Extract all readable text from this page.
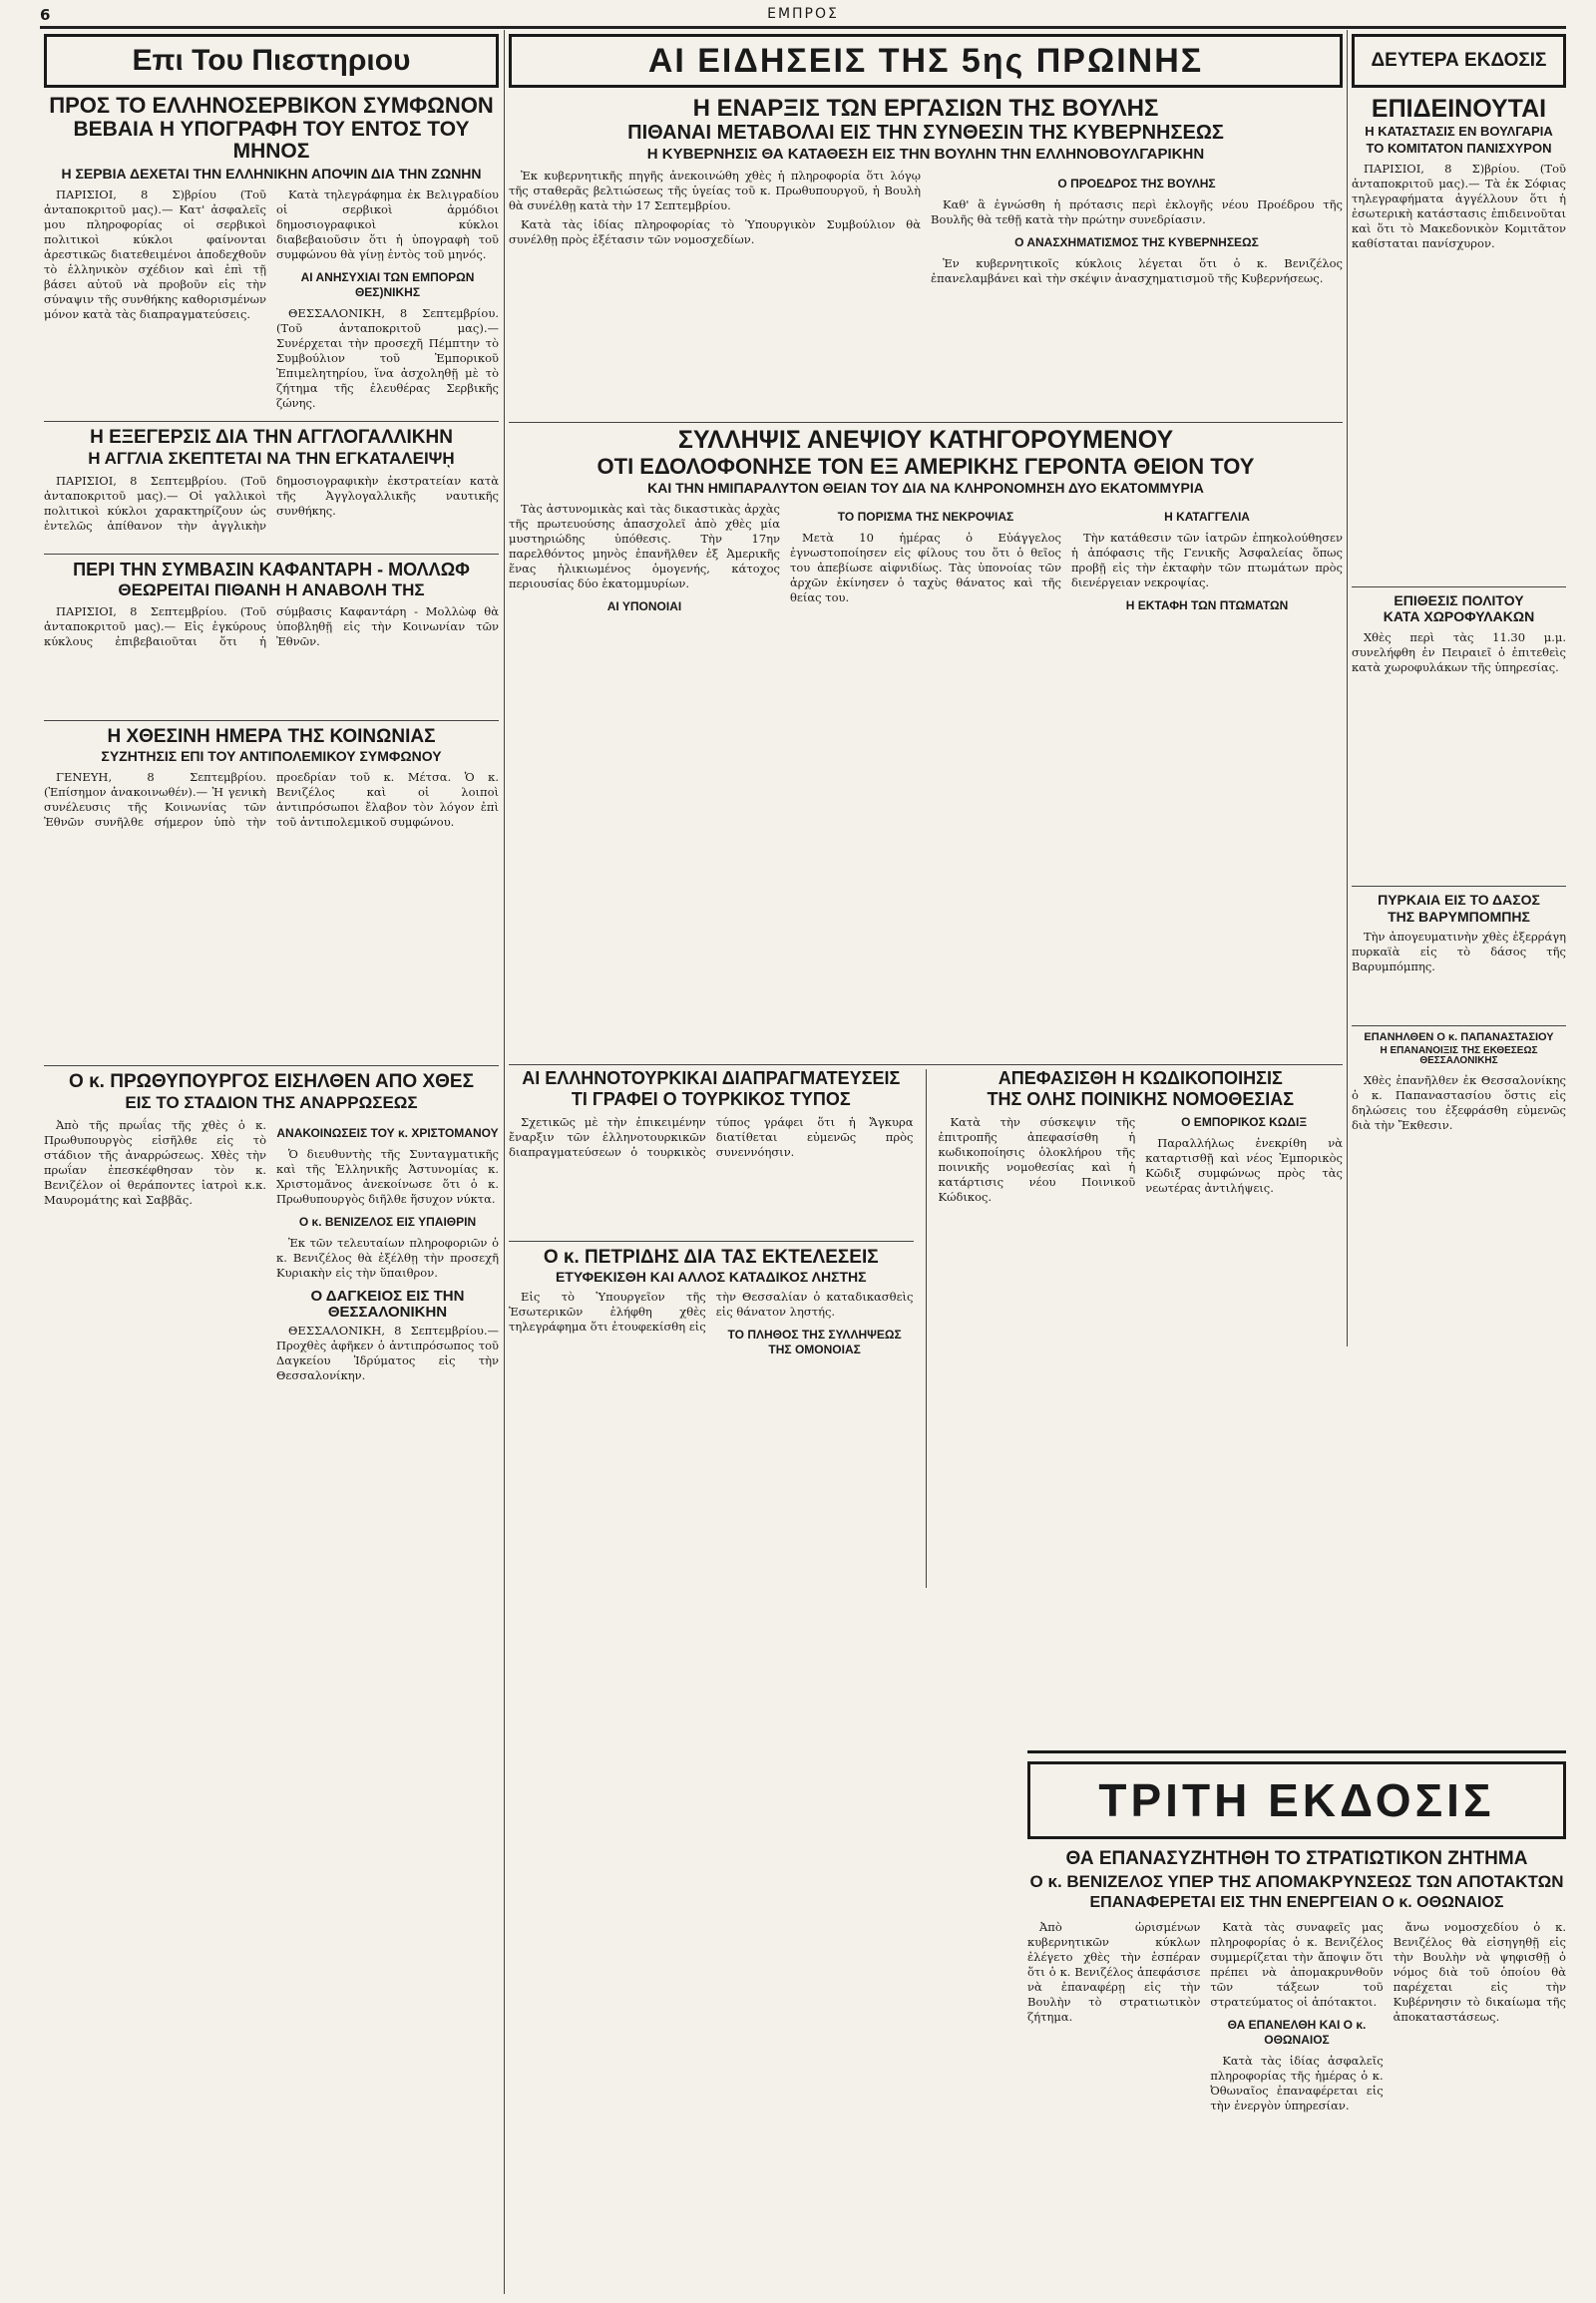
6	ΕΜΠΡΟΣ
Επι Του Πιεστηριου
ΠΡΟΣ ΤΟ ΕΛΛΗΝΟΣΕΡΒΙΚΟΝ ΣΥΜΦΩΝΟΝ
ΒΕΒΑΙΑ Η ΥΠΟΓΡΑΦΗ ΤΟΥ ΕΝΤΟΣ ΤΟΥ ΜΗΝΟΣ
Η ΣΕΡΒΙΑ ΔΕΧΕΤΑΙ ΤΗΝ ΕΛΛΗΝΙΚΗΝ ΑΠΟΨΙΝ ΔΙΑ ΤΗΝ ΖΩΝΗΝ

ΠΑΡΙΣΙΟΙ, 8 Σ)βρίου (Τοῦ ἀνταποκριτοῦ μας).— Κατ' ἀσφαλεῖς μου πληροφορίας οἱ σερβικοὶ πολιτικοὶ κύκλοι φαίνονται ἀρεστικῶς διατεθειμένοι ἀποδεχθοῦν τὸ ἑλληνικὸν σχέδιον καὶ ἐπὶ τῇ βάσει αὐτοῦ νὰ προβοῦν εἰς τὴν σύναψιν τῆς συνθήκης καθορισμένων μόνον κατὰ τὰς διαπραγματεύσεις.

Κατὰ τηλεγράφημα ἐκ Βελιγραδίου οἱ σερβικοὶ ἀρμόδιοι δημοσιογραφικοὶ κύκλοι διαβεβαιοῦσιν ὅτι ἡ ὑπογραφὴ τοῦ συμφώνου θὰ γίνῃ ἐντὸς τοῦ μηνός.

ΑΙ ΑΝΗΣΥΧΙΑΙ ΤΩΝ ΕΜΠΟΡΩΝ ΘΕΣ)ΝΙΚΗΣ

ΘΕΣΣΑΛΟΝΙΚΗ, 8 Σεπτεμβρίου. (Τοῦ ἀνταποκριτοῦ μας).— Συνέρχεται τὴν προσεχῆ Πέμπτην τὸ Συμβούλιον τοῦ Ἐμπορικοῦ Ἐπιμελητηρίου, ἵνα ἀσχοληθῇ μὲ τὸ ζήτημα τῆς ἐλευθέρας Σερβικῆς ζώνης.

Η ΕΞΕΓΕΡΣΙΣ ΔΙΑ ΤΗΝ ΑΓΓΛΟΓΑΛΛΙΚΗΝ
Η ΑΓΓΛΙΑ ΣΚΕΠΤΕΤΑΙ ΝΑ ΤΗΝ ΕΓΚΑΤΑΛΕΙΨῌ

ΠΑΡΙΣΙΟΙ, 8 Σεπτεμβρίου. (Τοῦ ἀνταποκριτοῦ μας).— Οἱ γαλλικοὶ πολιτικοὶ κύκλοι χαρακτηρίζουν ὡς ἐντελῶς ἀπίθανον τὴν ἀγγλικὴν δημοσιογραφικὴν ἐκστρατείαν κατὰ τῆς Ἀγγλογαλλικῆς ναυτικῆς συνθήκης.

ΠΕΡΙ ΤΗΝ ΣΥΜΒΑΣΙΝ ΚΑΦΑΝΤΑΡΗ - ΜΟΛΛΩΦ
ΘΕΩΡΕΙΤΑΙ ΠΙΘΑΝΗ Η ΑΝΑΒΟΛΗ ΤΗΣ

ΠΑΡΙΣΙΟΙ, 8 Σεπτεμβρίου. (Τοῦ ἀνταποκριτοῦ μας).— Εἰς ἐγκύρους κύκλους ἐπιβεβαιοῦται ὅτι ἡ σύμβασις Καφαντάρη - Μολλὼφ θὰ ὑποβληθῇ εἰς τὴν Κοινωνίαν τῶν Ἐθνῶν.

Η ΧΘΕΣΙΝΗ ΗΜΕΡΑ ΤΗΣ ΚΟΙΝΩΝΙΑΣ
ΣΥΖΗΤΗΣΙΣ ΕΠΙ ΤΟΥ ΑΝΤΙΠΟΛΕΜΙΚΟΥ ΣΥΜΦΩΝΟΥ

ΓΕΝΕΥΗ, 8 Σεπτεμβρίου. (Ἐπίσημον ἀνακοινωθέν).— Ἡ γενικὴ συνέλευσις τῆς Κοινωνίας τῶν Ἐθνῶν συνῆλθε σήμερον ὑπὸ τὴν προεδρίαν τοῦ κ. Μέτσα. Ὁ κ. Βενιζέλος καὶ οἱ λοιποὶ ἀντιπρόσωποι ἔλαβον τὸν λόγον ἐπὶ τοῦ ἀντιπολεμικοῦ συμφώνου.

Ο κ. ΠΡΩΘΥΠΟΥΡΓΟΣ ΕΙΣΗΛΘΕΝ ΑΠΟ ΧΘΕΣ
ΕΙΣ ΤΟ ΣΤΑΔΙΟΝ ΤΗΣ ΑΝΑΡΡΩΣΕΩΣ

Ἀπὸ τῆς πρωΐας τῆς χθὲς ὁ κ. Πρωθυπουργὸς εἰσῆλθε εἰς τὸ στάδιον τῆς ἀναρρώσεως. Χθὲς τὴν πρωΐαν ἐπεσκέφθησαν τὸν κ. Βενιζέλον οἱ θεράποντες ἰατροὶ κ.κ. Μαυρομάτης καὶ Σαββᾶς.

ΑΝΑΚΟΙΝΩΣΕΙΣ ΤΟΥ κ. ΧΡΙΣΤΟΜΑΝΟΥ

Ὁ διευθυντὴς τῆς Συνταγματικῆς καὶ τῆς Ἑλληνικῆς Ἀστυνομίας κ. Χριστομᾶνος ἀνεκοίνωσε ὅτι ὁ κ. Πρωθυπουργὸς διῆλθε ἥσυχον νύκτα.

Ο κ. ΒΕΝΙΖΕΛΟΣ ΕΙΣ ΥΠΑΙΘΡΙΝ

Ἐκ τῶν τελευταίων πληροφοριῶν ὁ κ. Βενιζέλος θὰ ἐξέλθῃ τὴν προσεχῆ Κυριακὴν εἰς τὴν ὕπαιθρον.

Ο ΔΑΓΚΕΙΟΣ ΕΙΣ ΤΗΝ ΘΕΣΣΑΛΟΝΙΚΗΝ

ΘΕΣΣΑΛΟΝΙΚΗ, 8 Σεπτεμβρίου.— Προχθὲς ἀφῆκεν ὁ ἀντιπρόσωπος τοῦ Δαγκείου Ἱδρύματος εἰς τὴν Θεσσαλονίκην.

ΑΙ ΕΙΔΗΣΕΙΣ ΤΗΣ 5ης ΠΡΩΙΝΗΣ
Η ΕΝΑΡΞΙΣ ΤΩΝ ΕΡΓΑΣΙΩΝ ΤΗΣ ΒΟΥΛΗΣ
ΠΙΘΑΝΑΙ ΜΕΤΑΒΟΛΑΙ ΕΙΣ ΤΗΝ ΣΥΝΘΕΣΙΝ ΤΗΣ ΚΥΒΕΡΝΗΣΕΩΣ
Η ΚΥΒΕΡΝΗΣΙΣ ΘΑ ΚΑΤΑΘΕΣΗ ΕΙΣ ΤΗΝ ΒΟΥΛΗΝ ΤΗΝ ΕΛΛΗΝΟΒΟΥΛΓΑΡΙΚΗΝ

Ἐκ κυβερνητικῆς πηγῆς ἀνεκοινώθη χθὲς ἡ πληροφορία ὅτι λόγῳ τῆς σταθερᾶς βελτιώσεως τῆς ὑγείας τοῦ κ. Πρωθυπουργοῦ, ἡ Βουλὴ θὰ συνέλθῃ κατὰ τὴν 17 Σεπτεμβρίου.

Κατὰ τὰς ἰδίας πληροφορίας τὸ Ὑπουργικὸν Συμβούλιον θὰ συνέλθῃ πρὸς ἐξέτασιν τῶν νομοσχεδίων.

Ο ΠΡΟΕΔΡΟΣ ΤΗΣ ΒΟΥΛΗΣ

Καθ' ἃ ἐγνώσθη ἡ πρότασις περὶ ἐκλογῆς νέου Προέδρου τῆς Βουλῆς θὰ τεθῇ κατὰ τὴν πρώτην συνεδρίασιν.

Ο ΑΝΑΣΧΗΜΑΤΙΣΜΟΣ ΤΗΣ ΚΥΒΕΡΝΗΣΕΩΣ

Ἐν κυβερνητικοῖς κύκλοις λέγεται ὅτι ὁ κ. Βενιζέλος ἐπανελαμβάνει καὶ τὴν σκέψιν ἀνασχηματισμοῦ τῆς Κυβερνήσεως.

ΣΥΛΛΗΨΙΣ ΑΝΕΨΙΟΥ ΚΑΤΗΓΟΡΟΥΜΕΝΟΥ
ΟΤΙ ΕΔΟΛΟΦΟΝΗΣΕ ΤΟΝ ΕΞ ΑΜΕΡΙΚΗΣ ΓΕΡΟΝΤΑ ΘΕΙΟΝ ΤΟΥ
ΚΑΙ ΤΗΝ ΗΜΙΠΑΡΑΛΥΤΟΝ ΘΕΙΑΝ ΤΟΥ ΔΙΑ ΝΑ ΚΛΗΡΟΝΟΜΗΣΗ ΔΥΟ ΕΚΑΤΟΜΜΥΡΙΑ

Τὰς ἀστυνομικὰς καὶ τὰς δικαστικὰς ἀρχὰς τῆς πρωτευούσης ἀπασχολεῖ ἀπὸ χθὲς μία μυστηριώδης ὑπόθεσις. Τὴν 17ην παρελθόντος μηνὸς ἐπανῆλθεν ἐξ Ἀμερικῆς ἕνας ἡλικιωμένος ὁμογενής, κάτοχος περιουσίας δύο ἑκατομμυρίων.

ΑΙ ΥΠΟΝΟΙΑΙ
ΤΟ ΠΟΡΙΣΜΑ ΤΗΣ ΝΕΚΡΟΨΙΑΣ

Μετὰ 10 ἡμέρας ὁ Εὐάγγελος ἐγνωστοποίησεν εἰς φίλους του ὅτι ὁ θεῖος του ἀπεβίωσε αἰφνιδίως. Τὰς ὑπονοίας τῶν ἀρχῶν ἐκίνησεν ὁ ταχὺς θάνατος καὶ τῆς θείας του.

Η ΚΑΤΑΓΓΕΛΙΑ

Τὴν κατάθεσιν τῶν ἰατρῶν ἐπηκολούθησεν ἡ ἀπόφασις τῆς Γενικῆς Ἀσφαλείας ὅπως προβῇ εἰς τὴν ἐκταφὴν τῶν πτωμάτων πρὸς διενέργειαν νεκροψίας.

Η ΕΚΤΑΦΗ ΤΩΝ ΠΤΩΜΑΤΩΝ
ΑΙ ΕΛΛΗΝΟΤΟΥΡΚΙΚΑΙ ΔΙΑΠΡΑΓΜΑΤΕΥΣΕΙΣ
ΤΙ ΓΡΑΦΕΙ Ο ΤΟΥΡΚΙΚΟΣ ΤΥΠΟΣ

Σχετικῶς μὲ τὴν ἐπικειμένην ἔναρξιν τῶν ἑλληνοτουρκικῶν διαπραγματεύσεων ὁ τουρκικὸς τύπος γράφει ὅτι ἡ Ἄγκυρα διατίθεται εὐμενῶς πρὸς συνεννόησιν.

Ο κ. ΠΕΤΡΙΔΗΣ ΔΙΑ ΤΑΣ ΕΚΤΕΛΕΣΕΙΣ
ΕΤΥΦΕΚΙΣΘΗ ΚΑΙ ΑΛΛΟΣ ΚΑΤΑΔΙΚΟΣ ΛΗΣΤΗΣ

Εἰς τὸ Ὑπουργεῖον τῆς Ἐσωτερικῶν ἐλήφθη χθὲς τηλεγράφημα ὅτι ἐτουφεκίσθη εἰς τὴν Θεσσαλίαν ὁ καταδικασθεὶς εἰς θάνατον ληστής.

ΤΟ ΠΛΗΘΟΣ ΤΗΣ ΣΥΛΛΗΨΕΩΣ ΤΗΣ ΟΜΟΝΟΙΑΣ
ΑΠΕΦΑΣΙΣΘΗ Η ΚΩΔΙΚΟΠΟΙΗΣΙΣ
ΤΗΣ ΟΛΗΣ ΠΟΙΝΙΚΗΣ ΝΟΜΟΘΕΣΙΑΣ

Κατὰ τὴν σύσκεψιν τῆς ἐπιτροπῆς ἀπεφασίσθη ἡ κωδικοποίησις ὁλοκλήρου τῆς ποινικῆς νομοθεσίας καὶ ἡ κατάρτισις νέου Ποινικοῦ Κώδικος.

Ο ΕΜΠΟΡΙΚΟΣ ΚΩΔΙΞ

Παραλλήλως ἐνεκρίθη νὰ καταρτισθῇ καὶ νέος Ἐμπορικὸς Κῶδιξ συμφώνως πρὸς τὰς νεωτέρας ἀντιλήψεις.

ΔΕΥΤΕΡΑ ΕΚΔΟΣΙΣ
ΕΠΙΔΕΙΝΟΥΤΑΙ
Η ΚΑΤΑΣΤΑΣΙΣ ΕΝ ΒΟΥΛΓΑΡΙΑ
ΤΟ ΚΟΜΙΤΑΤΟΝ ΠΑΝΙΣΧΥΡΟΝ

ΠΑΡΙΣΙΟΙ, 8 Σ)βρίου. (Τοῦ ἀνταποκριτοῦ μας).— Τὰ ἐκ Σόφιας τηλεγραφήματα ἀγγέλλουν ὅτι ἡ ἐσωτερικὴ κατάστασις ἐπιδεινοῦται καὶ ὅτι τὸ Μακεδονικὸν Κομιτᾶτον καθίσταται πανίσχυρον.

ΕΠΙΘΕΣΙΣ ΠΟΛΙΤΟΥ
ΚΑΤΑ ΧΩΡΟΦΥΛΑΚΩΝ

Χθὲς περὶ τὰς 11.30 μ.μ. συνελήφθη ἐν Πειραιεῖ ὁ ἐπιτεθεὶς κατὰ χωροφυλάκων τῆς ὑπηρεσίας.

ΠΥΡΚΑΙΑ ΕΙΣ ΤΟ ΔΑΣΟΣ
ΤΗΣ ΒΑΡΥΜΠΟΜΠΗΣ

Τὴν ἀπογευματινὴν χθὲς ἐξερράγη πυρκαϊὰ εἰς τὸ δάσος τῆς Βαρυμπόμπης.

ΕΠΑΝΗΛΘΕΝ Ο κ. ΠΑΠΑΝΑΣΤΑΣΙΟΥ
Η ΕΠΑΝΑΝΟΙΞΙΣ ΤΗΣ ΕΚΘΕΣΕΩΣ ΘΕΣΣΑΛΟΝΙΚΗΣ

Χθὲς ἐπανῆλθεν ἐκ Θεσσαλονίκης ὁ κ. Παπαναστασίου ὅστις εἰς δηλώσεις του ἐξεφράσθη εὐμενῶς διὰ τὴν Ἔκθεσιν.

ΤΡΙΤΗ ΕΚΔΟΣΙΣ
ΘΑ ΕΠΑΝΑΣΥΖΗΤΗΘΗ ΤΟ ΣΤΡΑΤΙΩΤΙΚΟΝ ΖΗΤΗΜΑ
Ο κ. ΒΕΝΙΖΕΛΟΣ ΥΠΕΡ ΤΗΣ ΑΠΟΜΑΚΡΥΝΣΕΩΣ ΤΩΝ ΑΠΟΤΑΚΤΩΝ
ΕΠΑΝΑΦΕΡΕΤΑΙ ΕΙΣ ΤΗΝ ΕΝΕΡΓΕΙΑΝ Ο κ. ΟΘΩΝΑΙΟΣ

Ἀπὸ ὡρισμένων κυβερνητικῶν κύκλων ἐλέγετο χθὲς τὴν ἑσπέραν ὅτι ὁ κ. Βενιζέλος ἀπεφάσισε νὰ ἐπαναφέρῃ εἰς τὴν Βουλὴν τὸ στρατιωτικὸν ζήτημα.

Κατὰ τὰς συναφεῖς μας πληροφορίας ὁ κ. Βενιζέλος συμμερίζεται τὴν ἄποψιν ὅτι πρέπει νὰ ἀπομακρυνθοῦν τῶν τάξεων τοῦ στρατεύματος οἱ ἀπότακτοι.

ΘΑ ΕΠΑΝΕΛΘΗ ΚΑΙ Ο κ. ΟΘΩΝΑΙΟΣ

Κατὰ τὰς ἰδίας ἀσφαλεῖς πληροφορίας τῆς ἡμέρας ὁ κ. Ὀθωναῖος ἐπαναφέρεται εἰς τὴν ἐνεργὸν ὑπηρεσίαν.

ἄνω νομοσχεδίου ὁ κ. Βενιζέλος θὰ εἰσηγηθῇ εἰς τὴν Βουλὴν νὰ ψηφισθῇ ὁ νόμος διὰ τοῦ ὁποίου θὰ παρέχεται εἰς τὴν Κυβέρνησιν τὸ δικαίωμα τῆς ἀποκαταστάσεως.
